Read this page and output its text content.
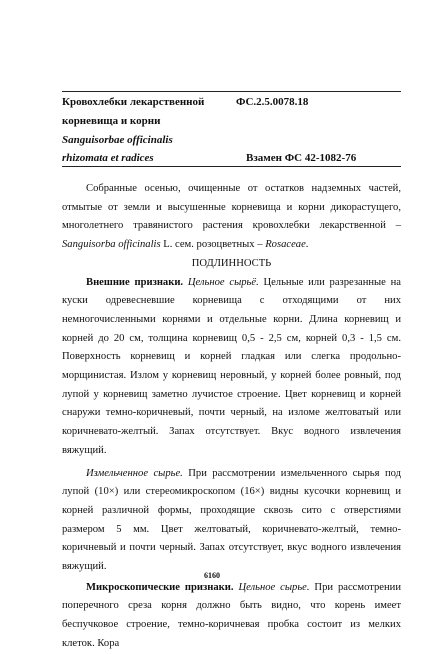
Кровохлебки лекарственной	ФС.2.5.0078.18
корневища и корни
Sanguisorbae officinalis
rhizomata et radices	Взамен ФС 42-1082-76

Собранные осенью, очищенные от остатков надземных частей, отмытые от земли и высушенные корневища и корни дикорастущего, многолетнего травянистого растения кровохлебки лекарственной – Sanguisorba officinalis L. сем. розоцветных – Rosaceae.

ПОДЛИННОСТЬ

Внешние признаки. Цельное сырьё. Цельные или разрезанные на куски одревесневшие корневища с отходящими от них немногочисленными корнями и отдельные корни. Длина корневищ и корней до 20 см, толщина корневищ 0,5 - 2,5 см, корней 0,3 - 1,5 см. Поверхность корневищ и корней гладкая или слегка продольно-морщинистая. Излом у корневищ неровный, у корней более ровный, под лупой у корневищ заметно лучистое строение. Цвет корневищ и корней снаружи темно-коричневый, почти черный, на изломе желтоватый или коричневато-желтый. Запах отсутствует. Вкус водного извлечения вяжущий.

Измельченное сырье. При рассмотрении измельченного сырья под лупой (10×) или стереомикроскопом (16×) видны кусочки корневищ и корней различной формы, проходящие сквозь сито с отверстиями размером 5 мм. Цвет желтоватый, коричневато-желтый, темно-коричневый и почти черный. Запах отсутствует, вкус водного извлечения вяжущий.

Микроскопические признаки. Цельное сырье. При рассмотрении поперечного среза корня должно быть видно, что корень имеет беспучковое строение, темно-коричневая пробка состоит из мелких клеток. Кора

6160
